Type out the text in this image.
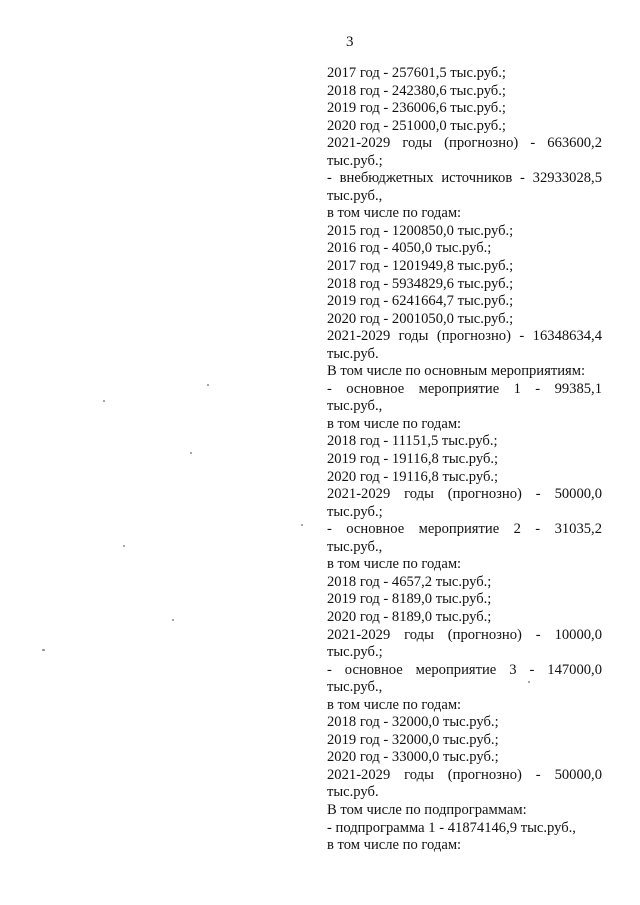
3
2017 год - 257601,5 тыс.руб.;
2018 год - 242380,6 тыс.руб.;
2019 год - 236006,6 тыс.руб.;
2020 год - 251000,0 тыс.руб.;
2021-2029 годы (прогнозно) - 663600,2
тыс.руб.;
- внебюджетных источников - 32933028,5
тыс.руб.,
в том числе по годам:
2015 год - 1200850,0 тыс.руб.;
2016 год - 4050,0 тыс.руб.;
2017 год - 1201949,8 тыс.руб.;
2018 год - 5934829,6 тыс.руб.;
2019 год - 6241664,7 тыс.руб.;
2020 год - 2001050,0 тыс.руб.;
2021-2029 годы (прогнозно) - 16348634,4
тыс.руб.
В том числе по основным мероприятиям:
- основное мероприятие 1 - 99385,1
тыс.руб.,
в том числе по годам:
2018 год - 11151,5 тыс.руб.;
2019 год - 19116,8 тыс.руб.;
2020 год - 19116,8 тыс.руб.;
2021-2029 годы (прогнозно) - 50000,0
тыс.руб.;
- основное мероприятие 2 - 31035,2
тыс.руб.,
в том числе по годам:
2018 год - 4657,2 тыс.руб.;
2019 год - 8189,0 тыс.руб.;
2020 год - 8189,0 тыс.руб.;
2021-2029 годы (прогнозно) - 10000,0
тыс.руб.;
- основное мероприятие 3 - 147000,0
тыс.руб.,
в том числе по годам:
2018 год - 32000,0 тыс.руб.;
2019 год - 32000,0 тыс.руб.;
2020 год - 33000,0 тыс.руб.;
2021-2029 годы (прогнозно) - 50000,0
тыс.руб.
В том числе по подпрограммам:
- подпрограмма 1 - 41874146,9 тыс.руб.,
в том числе по годам:
